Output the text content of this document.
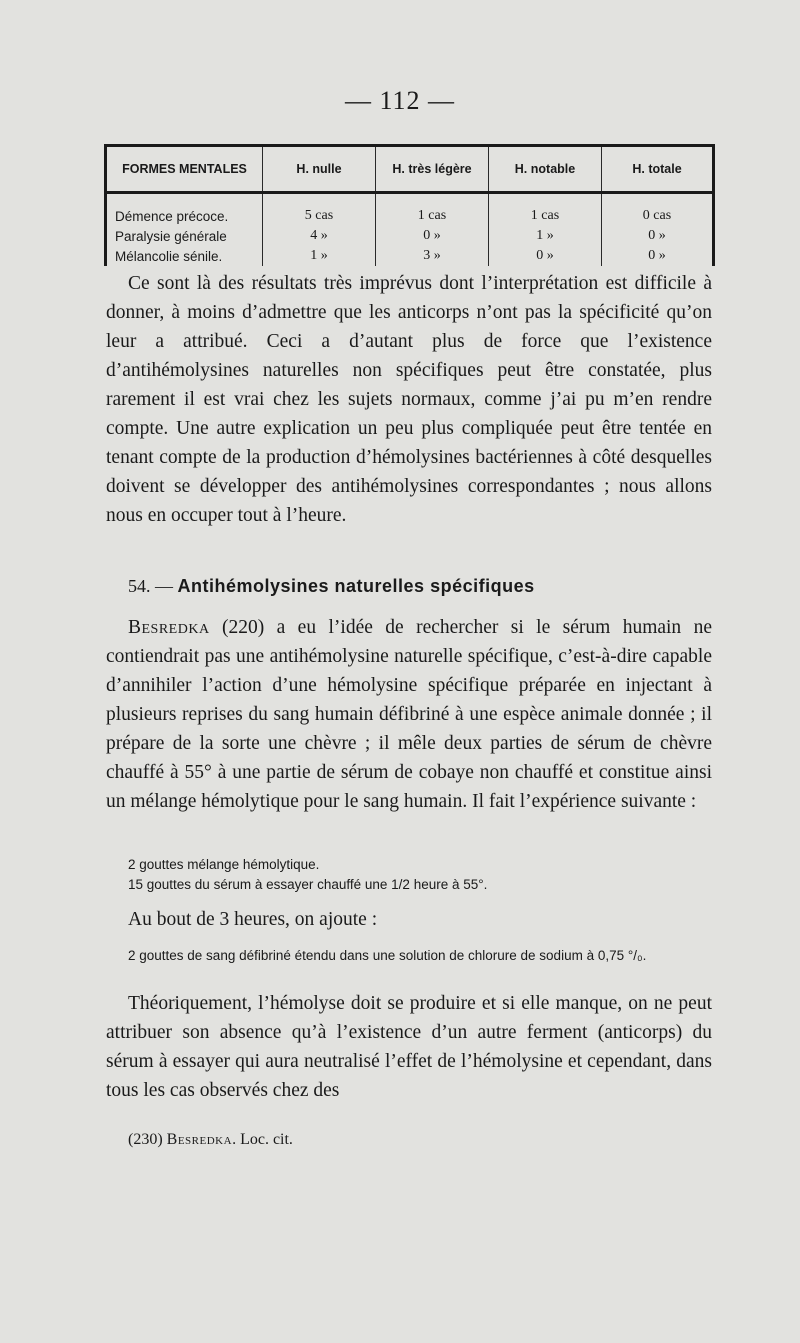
— 112 —
FORMES MENTALES	H. nulle	H. très légère	H. notable	H. totale
Démence précoce.	5 cas	1 cas	1 cas	0 cas
Paralysie générale	4 »	0 »	1 »	0 »
Mélancolie sénile.	1 »	3 »	0 »	0 »

Ce sont là des résultats très imprévus dont l’interprétation est difficile à donner, à moins d’admettre que les anticorps n’ont pas la spécificité qu’on leur a attribué. Ceci a d’autant plus de force que l’existence d’antihémolysines naturelles non spécifiques peut être constatée, plus rarement il est vrai chez les sujets normaux, comme j’ai pu m’en rendre compte. Une autre explication un peu plus compliquée peut être tentée en tenant compte de la production d’hémolysines bactériennes à côté desquelles doivent se développer des antihémolysines correspondantes ; nous allons nous en occuper tout à l’heure.

54. — Antihémolysines naturelles spécifiques

Besredka (220) a eu l’idée de rechercher si le sérum humain ne contiendrait pas une antihémolysine naturelle spécifique, c’est-à-dire capable d’annihiler l’action d’une hémolysine spécifique préparée en injectant à plusieurs reprises du sang humain défibriné à une espèce animale donnée ; il prépare de la sorte une chèvre ; il mêle deux parties de sérum de chèvre chauffé à 55° à une partie de sérum de cobaye non chauffé et constitue ainsi un mélange hémolytique pour le sang humain. Il fait l’expérience suivante :

2 gouttes mélange hémolytique.
15 gouttes du sérum à essayer chauffé une 1/2 heure à 55°.

Au bout de 3 heures, on ajoute :

2 gouttes de sang défibriné étendu dans une solution de chlorure de sodium à 0,75 °/₀.

Théoriquement, l’hémolyse doit se produire et si elle manque, on ne peut attribuer son absence qu’à l’existence d’un autre ferment (anticorps) du sérum à essayer qui aura neutralisé l’effet de l’hémolysine et cependant, dans tous les cas observés chez des

(230) Besredka. Loc. cit.
